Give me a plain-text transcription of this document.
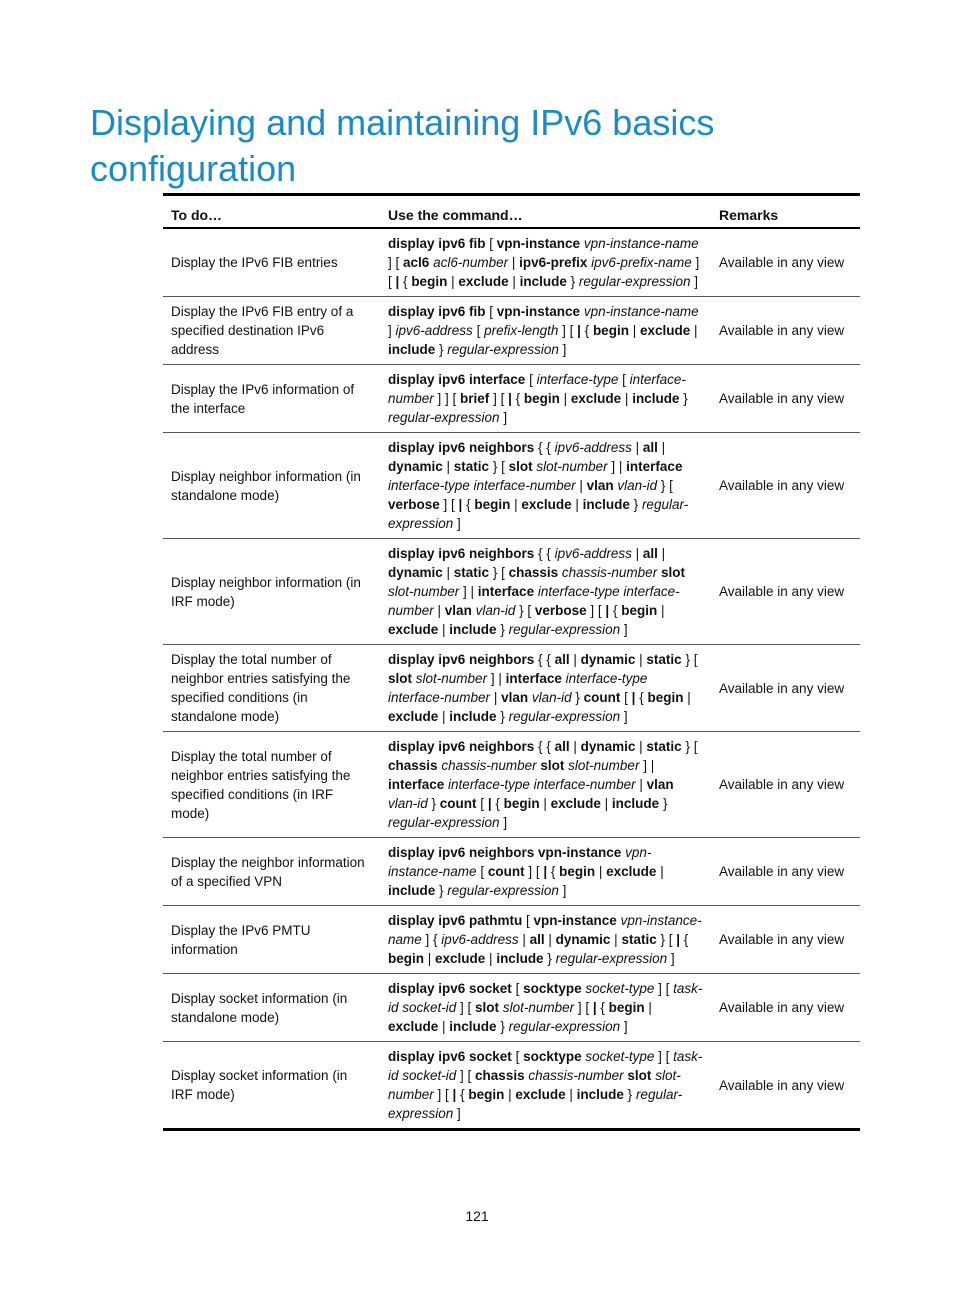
Displaying and maintaining IPv6 basics configuration
To do…	Use the command…	Remarks
Display the IPv6 FIB entries	display ipv6 fib [ vpn-instance vpn-instance-name ] [ acl6 acl6-number | ipv6-prefix ipv6-prefix-name ] [ | { begin | exclude | include } regular-expression ]	Available in any view
Display the IPv6 FIB entry of a specified destination IPv6 address	display ipv6 fib [ vpn-instance vpn-instance-name ] ipv6-address [ prefix-length ] [ | { begin | exclude | include } regular-expression ]	Available in any view
Display the IPv6 information of the interface	display ipv6 interface [ interface-type [ interface-number ] ] [ brief ] [ | { begin | exclude | include } regular-expression ]	Available in any view
Display neighbor information (in standalone mode)	display ipv6 neighbors { { ipv6-address | all | dynamic | static } [ slot slot-number ] | interface interface-type interface-number | vlan vlan-id } [ verbose ] [ | { begin | exclude | include } regular-expression ]	Available in any view
Display neighbor information (in IRF mode)	display ipv6 neighbors { { ipv6-address | all | dynamic | static } [ chassis chassis-number slot slot-number ] | interface interface-type interface-number | vlan vlan-id } [ verbose ] [ | { begin | exclude | include } regular-expression ]	Available in any view
Display the total number of neighbor entries satisfying the specified conditions (in standalone mode)	display ipv6 neighbors { { all | dynamic | static } [ slot slot-number ] | interface interface-type interface-number | vlan vlan-id } count [ | { begin | exclude | include } regular-expression ]	Available in any view
Display the total number of neighbor entries satisfying the specified conditions (in IRF mode)	display ipv6 neighbors { { all | dynamic | static } [ chassis chassis-number slot slot-number ] | interface interface-type interface-number | vlan vlan-id } count [ | { begin | exclude | include } regular-expression ]	Available in any view
Display the neighbor information of a specified VPN	display ipv6 neighbors vpn-instance vpn-instance-name [ count ] [ | { begin | exclude | include } regular-expression ]	Available in any view
Display the IPv6 PMTU information	display ipv6 pathmtu [ vpn-instance vpn-instance-name ] { ipv6-address | all | dynamic | static } [ | { begin | exclude | include } regular-expression ]	Available in any view
Display socket information (in standalone mode)	display ipv6 socket [ socktype socket-type ] [ task-id socket-id ] [ slot slot-number ] [ | { begin | exclude | include } regular-expression ]	Available in any view
Display socket information (in IRF mode)	display ipv6 socket [ socktype socket-type ] [ task-id socket-id ] [ chassis chassis-number slot slot-number ] [ | { begin | exclude | include } regular-expression ]	Available in any view
121
